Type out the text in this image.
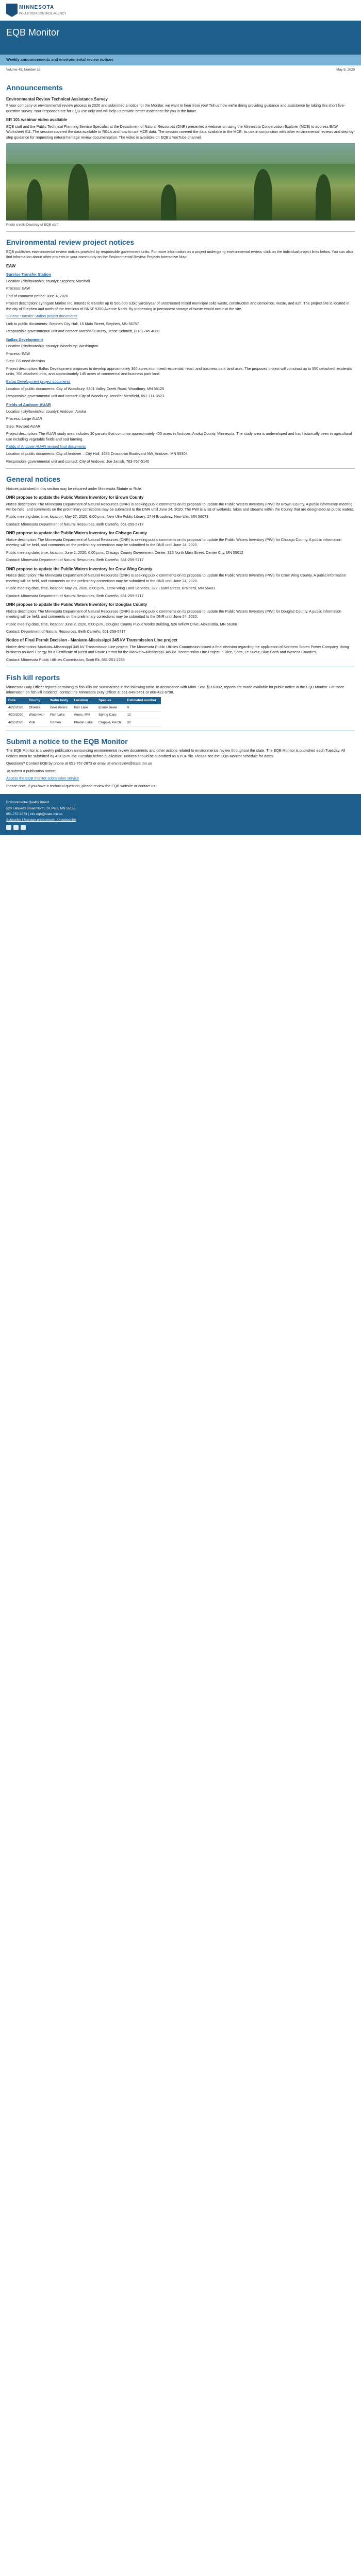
MINNESOTA
POLLUTION CONTROL AGENCY
EQB Monitor
Weekly announcements and environmental review notices
Volume 45, Number 18	May 5, 2020
Announcements
Environmental Review Technical Assistance Survey

If your company or environmental review process in 2020 and submitted a notice for the Monitor, we want to hear from you! Tell us how we're doing providing guidance and assistance by taking this short five-question survey. Your responses are for EQB use only and will help us provide better assistance for you in the future.

ER 101 webinar video available

EQB staff and the Public Technical Planning Service Specialist at the Department of Natural Resources (DNR) presented a webinar on using the Minnesota Conservation Explorer (MCE) to address EAW Worksheet #11. The session covered the data available to RGUs and how to use MCE data. The session covered the data available in the MCE, its use in conjunction with other environmental reviews and step-by-step guidance for requesting natural heritage review documentation. The video is available on EQB's YouTube channel.

Photo credit: Courtesy of EQB staff
Environmental review project notices

EQB publishes environmental review notices provided by responsible government units. For more information on a project undergoing environmental review, click on the individual project links below. You can also find information about other projects in your community on the Environmental Review Projects Interactive Map.

EAW
Sunrise Transfer Station

Location (city/township; county): Stephen; Marshall

Process: EAW

End of comment period: June 4, 2020

Project description: Lynngate Marine Inc. intends to transfer up to 500,000 cubic yards/year of unscreened mixed municipal solid waste, construction and demolition, waste, and ash. The project site is located in the city of Stephen and north of the terminus of BNSF 5390 Avenue North. By processing in permanent storage of waste would occur at the site.

Sunrise Transfer Station project documents

Link to public documents: Stephen City Hall, 15 Main Street, Stephen, MN 56757

Responsible governmental unit and contact: Marshall County, Jesse Schmidt, (218) 745-4888

Ballas Development

Location (city/township; county): Woodbury; Washington

Process: EAW

Step: CS need decision

Project description: Ballas Development proposes to develop approximately 360 acres into mixed residential, retail, and business park land uses. The proposed project will construct up to 550 detached residential units, 700 attached units, and approximately 145 acres of commercial and business park land.

Ballas Development project documents

Location of public documents: City of Woodbury, 8301 Valley Creek Road, Woodbury, MN 55125

Responsible governmental unit and contact: City of Woodbury, Jennifer Merrifield, 651-714-3523

Fields of Andover AUAR

Location (city/township; county): Andover; Anoka

Process: Large AUAR

Step: Revised AUAR

Project description: The AUAR study area includes 30 parcels that comprise approximately 400 acres in Andover, Anoka County, Minnesota. The study area is undeveloped and has historically been in agricultural use including vegetable fields and sod farming.

Fields of Andover AUAR revised final documents

Location of public documents: City of Andover – City Hall, 1685 Crosstown Boulevard NW, Andover, MN 55304

Responsible governmental unit and contact: City of Andover, Joe Janish, 763-767-5140

General notices

Notices published in this section may be required under Minnesota Statute or Rule.

DNR propose to update the Public Waters Inventory for Brown County

Notice description: The Minnesota Department of Natural Resources (DNR) is seeking public comments on its proposal to update the Public Waters Inventory (PWI) for Brown County. A public information meeting will be held, and comments on the preliminary corrections may be submitted to the DNR until June 24, 2020. The PWI is a list of wetlands, lakes and streams within the County that are designated as public waters.

Public meeting date, time, location: May 27, 2020, 6:00 p.m., New Ulm Public Library, 17 N Broadway, New Ulm, MN 56073

Contact: Minnesota Department of Natural Resources, Beth Carreño, 651-259-5717

DNR propose to update the Public Waters Inventory for Chisago County

Notice description: The Minnesota Department of Natural Resources (DNR) is seeking public comments on its proposal to update the Public Waters Inventory (PWI) for Chisago County. A public information meeting will be held, and comments on the preliminary corrections may be submitted to the DNR until June 24, 2020.

Public meeting date, time, location: June 1, 2020, 6:00 p.m., Chisago County Government Center, 313 North Main Street, Center City, MN 55012

Contact: Minnesota Department of Natural Resources, Beth Carreño, 651-259-5717

DNR propose to update the Public Waters Inventory for Crow Wing County

Notice description: The Minnesota Department of Natural Resources (DNR) is seeking public comments on its proposal to update the Public Waters Inventory (PWI) for Crow Wing County. A public information meeting will be held, and comments on the preliminary corrections may be submitted to the DNR until June 24, 2020.

Public meeting date, time, location: May 28, 2020, 6:00 p.m., Crow Wing Land Services, 322 Laurel Street, Brainerd, MN 56401

Contact: Minnesota Department of Natural Resources, Beth Carreño, 651-259-5717

DNR propose to update the Public Waters Inventory for Douglas County

Notice description: The Minnesota Department of Natural Resources (DNR) is seeking public comments on its proposal to update the Public Waters Inventory (PWI) for Douglas County. A public information meeting will be held, and comments on the preliminary corrections may be submitted to the DNR until June 24, 2020.

Public meeting date, time, location: June 2, 2020, 6:00 p.m., Douglas County Public Works Building, 526 Willow Drive, Alexandria, MN 56308

Contact: Department of Natural Resources, Beth Carreño, 651-259-5717

Notice of Final Permit Decision - Mankato-Mississippi 345 kV Transmission Line project

Notice description: Mankato–Mississippi 345 kV Transmission Line project. The Minnesota Public Utilities Commission issued a final decision regarding the application of Northern States Power Company, doing business as Xcel Energy for a Certificate of Need and Route Permit for the Mankato–Mississippi 345 kV Transmission Line Project in Rice, Scott, Le Sueur, Blue Earth and Waseca Counties.

Contact: Minnesota Public Utilities Commission, Scott Ek, 651-201-2255

Fish kill reports

Minnesota Duty Officer reports pertaining to fish kills are summarized in the following table. In accordance with Minn. Stat. §116.092, reports are made available for public notice in the EQB Monitor. For more information on fish kill incidents, contact the Minnesota Duty Officer at 651-649-5451 or 800-422-0798.

Date	County	Water body	Location	Species	Estimated number
4/22/2020	Otsenta	Isiko Rivers	Iron Lake	Ipsum Jewel	0
4/23/2020	Watonwan	Fish Lake	Ames, MN	Spring Carp	12
4/22/2020	Polk	Romeo	Phelan Lake	Crappie, Perch	30
Submit a notice to the EQB Monitor

The EQB Monitor is a weekly publication announcing environmental review documents and other actions related to environmental review throughout the state. The EQB Monitor is published each Tuesday. All notices must be submitted by 4:30 p.m. the Tuesday before publication. Notices should be submitted as a PDF file. Please see the EQB Monitor schedule for dates.

Questions? Contact EQB by phone at 651-757-2873 or email at env.review@state.mn.us

To submit a publication notice:

Access the EQB monitor submission service

Please note, if you have a technical question, please review the EQB website or contact us.

Environmental Quality Board
520 Lafayette Road North, St. Paul, MN 55155
651-757-2873 | info.eqb@state.mn.us
Subscribe | Manage preferences | Unsubscribe
